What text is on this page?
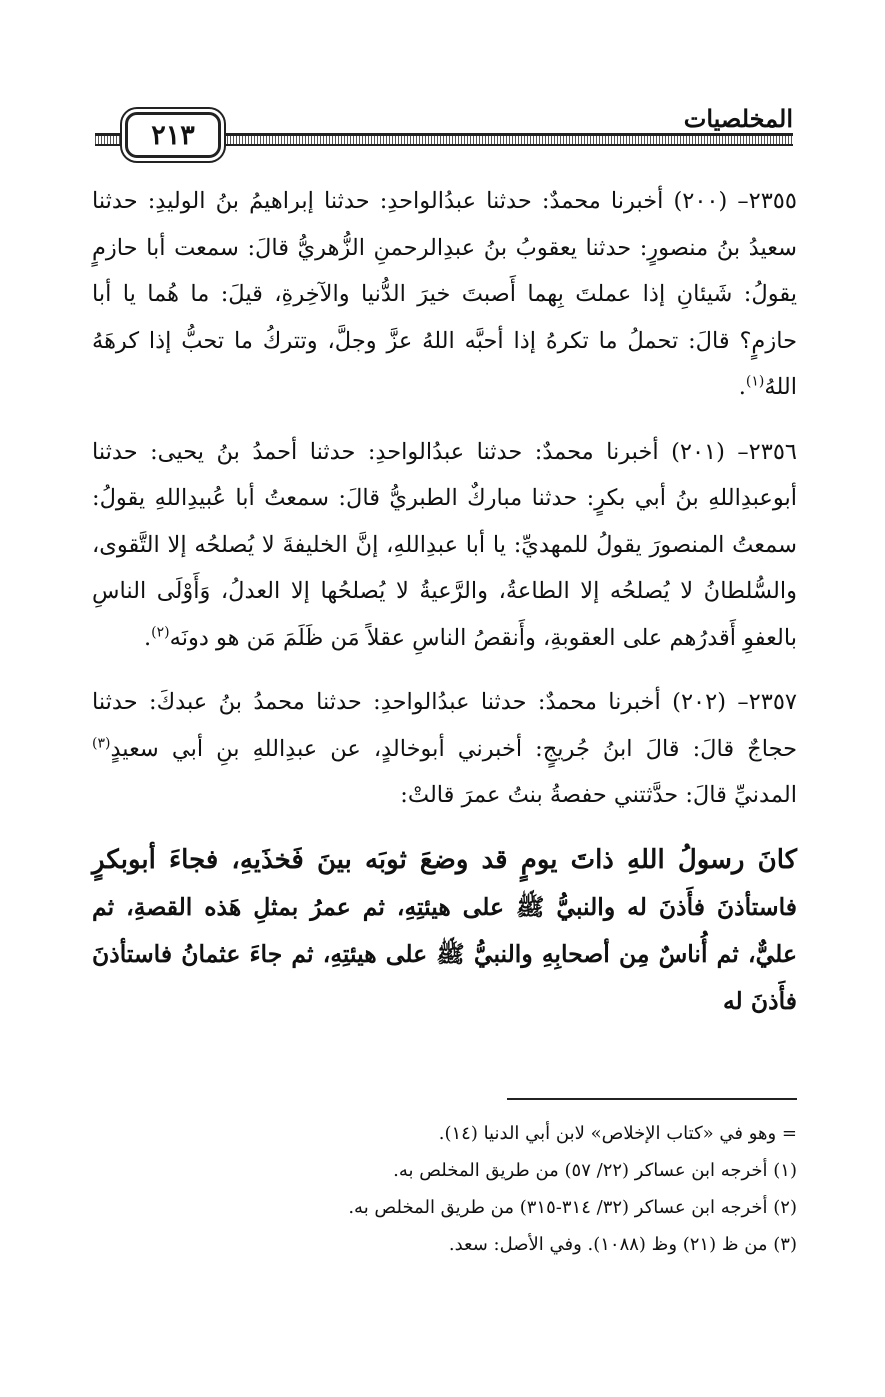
المخلصيات
٢١٣

٢٣٥٥– (٢٠٠) أخبرنا محمدٌ: حدثنا عبدُالواحدِ: حدثنا إبراهيمُ بنُ الوليدِ: حدثنا سعيدُ بنُ منصورٍ: حدثنا يعقوبُ بنُ عبدِالرحمنِ الزُّهريُّ قالَ: سمعت أبا حازمٍ يقولُ: شَيئانِ إذا عملتَ بِهما أَصبتَ خيرَ الدُّنيا والآخِرةِ، قيلَ: ما هُما يا أبا حازمٍ؟ قالَ: تحملُ ما تكرهُ إذا أحبَّه اللهُ عزَّ وجلَّ، وتتركُ ما تحبُّ إذا كرهَهُ اللهُ$^{(١)}$.

٢٣٥٦– (٢٠١) أخبرنا محمدٌ: حدثنا عبدُالواحدِ: حدثنا أحمدُ بنُ يحيى: حدثنا أبوعبدِاللهِ بنُ أبي بكرٍ: حدثنا مباركٌ الطبريُّ قالَ: سمعتُ أبا عُبيدِاللهِ يقولُ: سمعتُ المنصورَ يقولُ للمهديِّ: يا أبا عبدِاللهِ، إنَّ الخليفةَ لا يُصلحُه إلا التَّقوى، والسُّلطانُ لا يُصلحُه إلا الطاعةُ، والرَّعيةُ لا يُصلحُها إلا العدلُ، وَأَوْلَى الناسِ بالعفوِ أَقدرُهم على العقوبةِ، وأَنقصُ الناسِ عقلاً مَن ظَلَمَ مَن هو دونَه$^{(٢)}$.

٢٣٥٧– (٢٠٢) أخبرنا محمدٌ: حدثنا عبدُالواحدِ: حدثنا محمدُ بنُ عبدكَ: حدثنا حجاجٌ قالَ: قالَ ابنُ جُريجٍ: أخبرني أبوخالدٍ، عن عبدِاللهِ بنِ أبي سعيدٍ$^{(٣)}$ المدنيِّ قالَ: حدَّثتني حفصةُ بنتُ عمرَ قالتْ:

كانَ رسولُ اللهِ ذاتَ يومٍ قد وضعَ ثوبَه بينَ فَخذَيهِ، فجاءَ أبوبكرٍ فاستأذنَ فأَذنَ له والنبيُّ ﷺ على هيئتِهِ، ثم عمرُ بمثلِ هَذه القصةِ، ثم عليٌّ، ثم أُناسٌ مِن أصحابِهِ والنبيُّ ﷺ على هيئتِهِ، ثم جاءَ عثمانُ فاستأذنَ فأَذنَ له

= وهو في «كتاب الإخلاص» لابن أبي الدنيا (١٤).
(١) أخرجه ابن عساكر (٢٢/ ٥٧) من طريق المخلص به.
(٢) أخرجه ابن عساكر (٣٢/ ٣١٤-٣١٥) من طريق المخلص به.
(٣) من ظ (٢١) وظ (١٠٨٨). وفي الأصل: سعد.
